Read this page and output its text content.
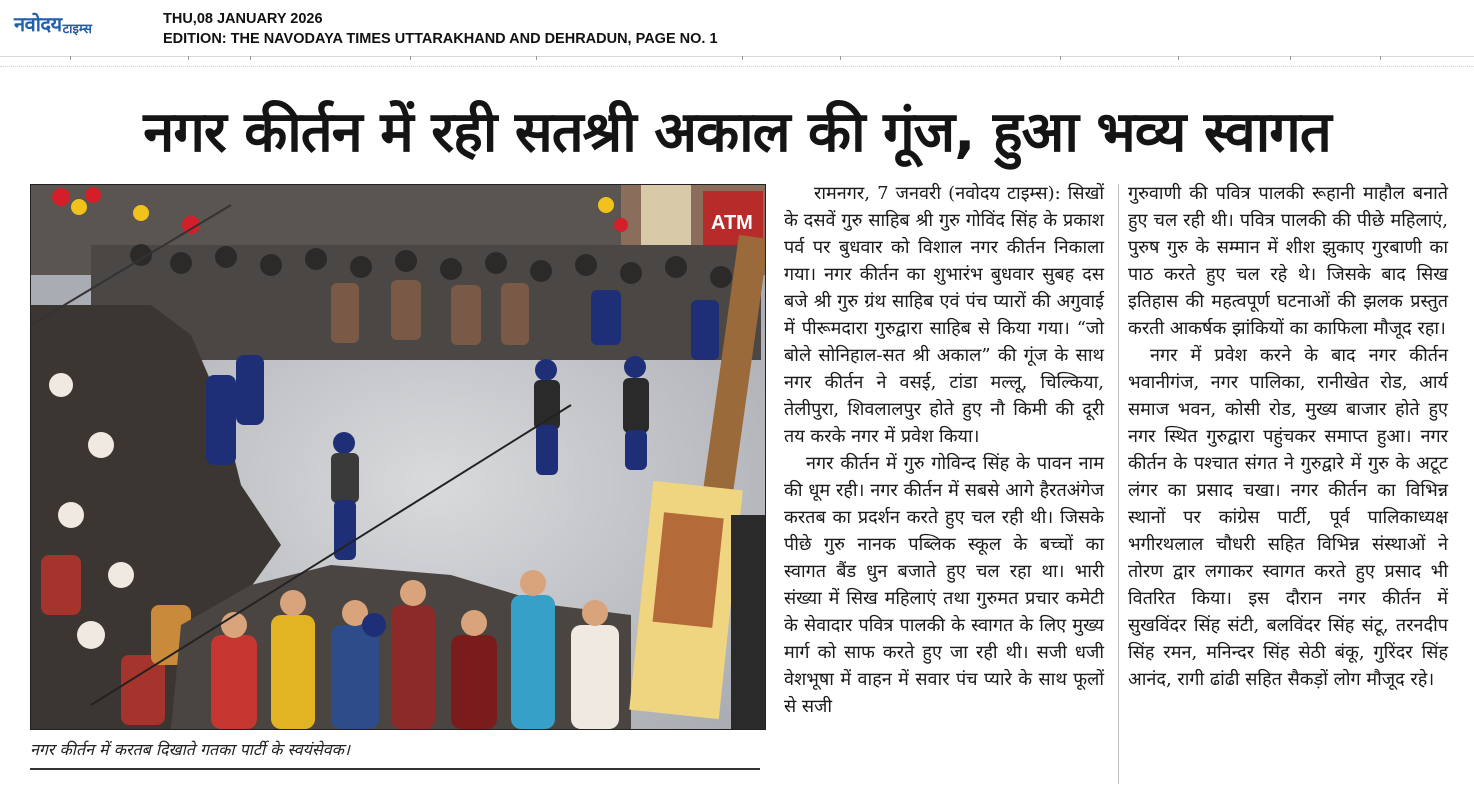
नवोदय टाइम्स
THU,08 JANUARY 2026
EDITION: THE NAVODAYA TIMES UTTARAKHAND AND DEHRADUN, PAGE NO. 1
नगर कीर्तन में रही सतश्री अकाल की गूंज, हुआ भव्य स्वागत
ATM
नगर कीर्तन में करतब दिखाते गतका पार्टी के स्वयंसेवक।

रामनगर, 7 जनवरी (नवोदय टाइम्स): सिखों के दसवें गुरु साहिब श्री गुरु गोविंद सिंह के प्रकाश पर्व पर बुधवार को विशाल नगर कीर्तन निकाला गया। नगर कीर्तन का शुभारंभ बुधवार सुबह दस बजे श्री गुरु ग्रंथ साहिब एवं पंच प्यारों की अगुवाई में पीरूमदारा गुरुद्वारा साहिब से किया गया। “जो बोले सोनिहाल-सत श्री अकाल” की गूंज के साथ नगर कीर्तन ने वसई, टांडा मल्लू, चिल्किया, तेलीपुरा, शिवलालपुर होते हुए नौ किमी की दूरी तय करके नगर में प्रवेश किया।

नगर कीर्तन में गुरु गोविन्द सिंह के पावन नाम की धूम रही। नगर कीर्तन में सबसे आगे हैरतअंगेज करतब का प्रदर्शन करते हुए चल रही थी। जिसके पीछे गुरु नानक पब्लिक स्कूल के बच्चों का स्वागत बैंड धुन बजाते हुए चल रहा था। भारी संख्या में सिख महिलाएं तथा गुरुमत प्रचार कमेटी के सेवादार पवित्र पालकी के स्वागत के लिए मुख्य मार्ग को साफ करते हुए जा रही थी। सजी धजी वेशभूषा में वाहन में सवार पंच प्यारे के साथ फूलों से सजी

गुरुवाणी की पवित्र पालकी रूहानी माहौल बनाते हुए चल रही थी। पवित्र पालकी की पीछे महिलाएं, पुरुष गुरु के सम्मान में शीश झुकाए गुरबाणी का पाठ करते हुए चल रहे थे। जिसके बाद सिख इतिहास की महत्वपूर्ण घटनाओं की झलक प्रस्तुत करती आकर्षक झांकियों का काफिला मौजूद रहा।

नगर में प्रवेश करने के बाद नगर कीर्तन भवानीगंज, नगर पालिका, रानीखेत रोड, आर्य समाज भवन, कोसी रोड, मुख्य बाजार होते हुए नगर स्थित गुरुद्वारा पहुंचकर समाप्त हुआ। नगर कीर्तन के पश्चात संगत ने गुरुद्वारे में गुरु के अटूट लंगर का प्रसाद चखा। नगर कीर्तन का विभिन्न स्थानों पर कांग्रेस पार्टी, पूर्व पालिकाध्यक्ष भगीरथलाल चौधरी सहित विभिन्न संस्थाओं ने तोरण द्वार लगाकर स्वागत करते हुए प्रसाद भी वितरित किया। इस दौरान नगर कीर्तन में सुखविंदर सिंह संटी, बलविंदर सिंह संटू, तरनदीप सिंह रमन, मनिन्दर सिंह सेठी बंकू, गुरिंदर सिंह आनंद, रागी ढांढी सहित सैकड़ों लोग मौजूद रहे।
